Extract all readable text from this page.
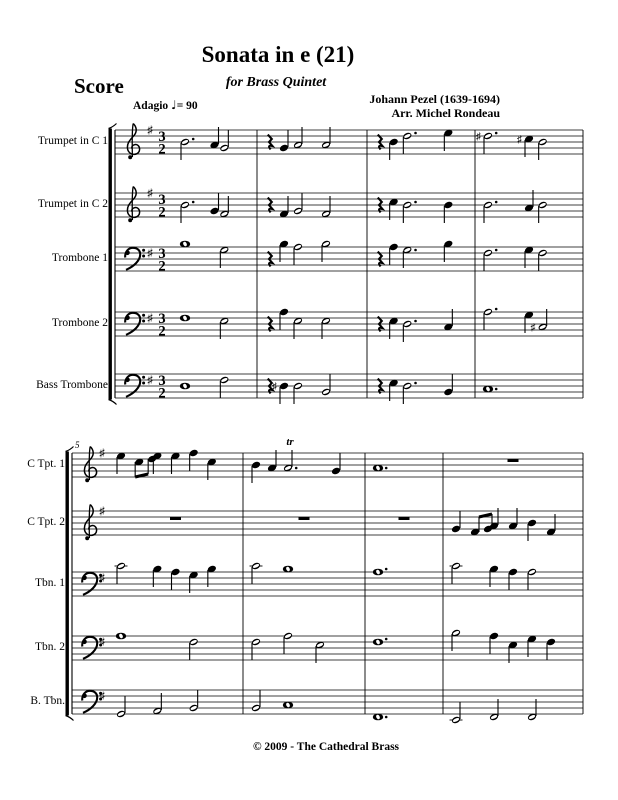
Sonata in e (21)
for Brass Quintet
Score
Johann Pezel (1639-1694)
Arr. Michel Rondeau
Adagio ♩= 90
5
♯ 3
2
♯	♯
♯ 3
2
♯ 3
2
♯ 3
2	♯
♯ 3
2	♯
♯
tr
♯
♯
♯
♯
Trumpet in C 1
Trumpet in C 2
Trombone 1
Trombone 2
Bass Trombone
C Tpt. 1
C Tpt. 2
Tbn. 1
Tbn. 2
B. Tbn.
© 2009 - The Cathedral Brass
